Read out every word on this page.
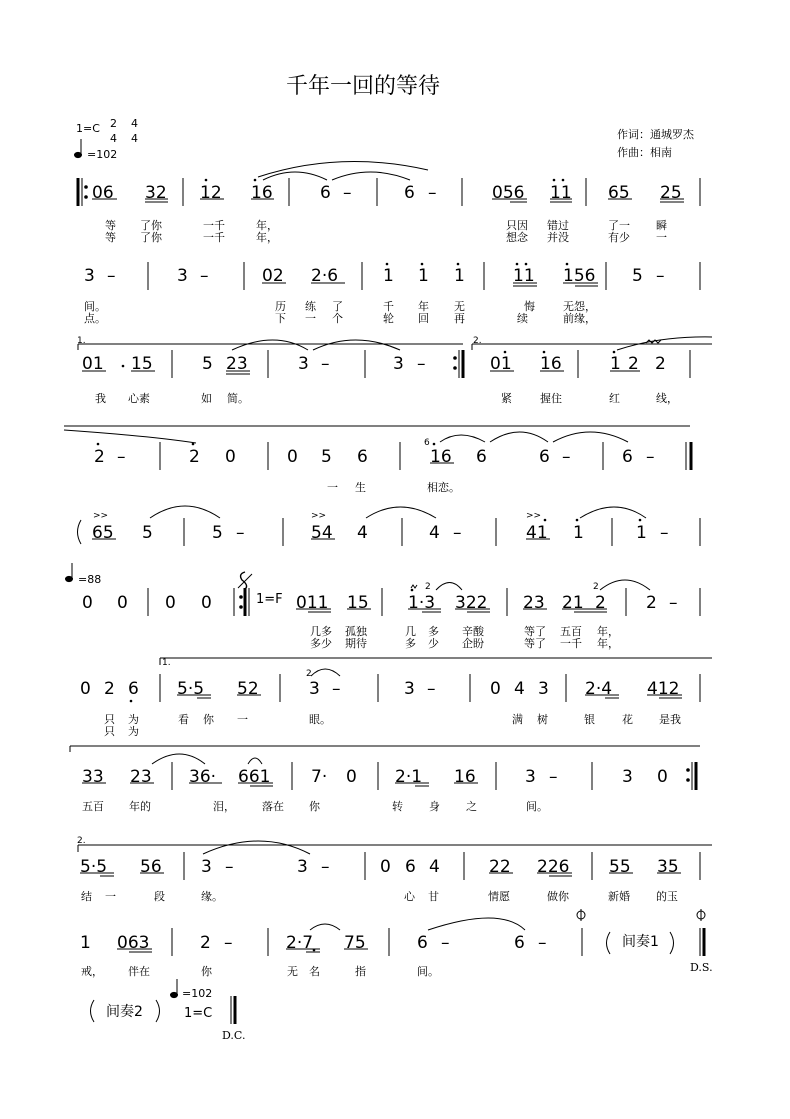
千年一回的等待
1=C 2
4
4
4
=102
作词：通城罗杰
作曲：相南
06 32 12 16	6 –	6 –	056 11 65 25
等 了你	一千	年，	只因 错过	了一 瞬
等 了你	一千	年，	想念 并没	有少 一
3 –	3 –	02 2·6	1 1 1	11 156 5 –
间。	历 练 了	千 年 无	悔	无怨，
点。	下 一 个	轮 回 再	续	前缘，
01 15	5 23	3 –	3 –	01 16	1 2 2
我 心素	如 简。	紧	握住	红	线，
2 –	2 0	0 5 6	16 6	6 –	6 –
一 生	相恋。
65 5	5 –	54 4	4 –	41 1	1 –
0 0 0 0	011 15 1·3 322 23 21 2 2 –
几多 孤独	几 多 辛酸	等了 五百 年，
多少 期待	多 少 企盼	等了 一千 年，
0 2 6 5·5 52	3 –	3 –	0 4 3 2·4 412
只 为	看 你 一	眼。	满 树	银 花 是我
只 为
33 23 36· 661 7· 0 2·1 16	3 –	3 0
五百 年的	泪， 落在 你	转 身 之	间。
5·5 56 3 –	3 –	0 6 4	22 226 55 35
结 一	段	缘。	心 甘	情愿	做你	新婚 的玉
1 063	2 –	2·7 75	6 –	6 –
戒， 伴在	你	无 名	指	间。
1.	2.
1.
2.
1=F
=88
=102
1=C
间奏1
间奏2
D.S.
D.C.
6
2	2
2
>>	>>	>>
